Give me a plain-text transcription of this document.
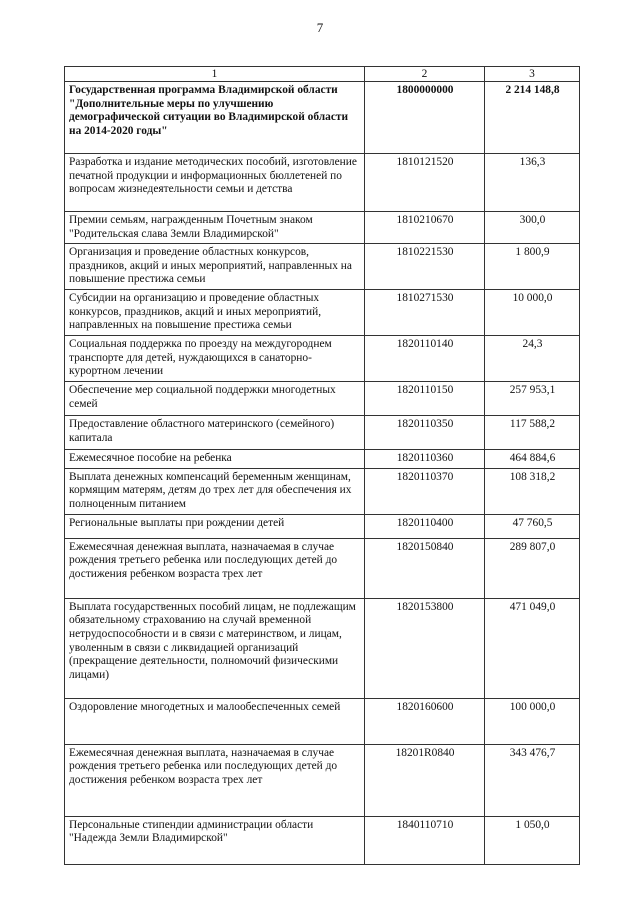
7
1	2	3
Государственная программа Владимирской области "Дополнительные меры по улучшению демографической ситуации во Владимирской области на 2014-2020 годы"	1800000000	2 214 148,8
Разработка и издание методических пособий, изготовление печатной продукции и информационных бюллетеней по вопросам жизнедеятельности семьи и детства	1810121520	136,3
Премии семьям, награжденным Почетным знаком "Родительская слава Земли Владимирской"	1810210670	300,0
Организация и проведение областных конкурсов, праздников, акций и иных мероприятий, направленных на повышение престижа семьи	1810221530	1 800,9
Субсидии на организацию и проведение областных конкурсов, праздников, акций и иных мероприятий, направленных на повышение престижа семьи	1810271530	10 000,0
Социальная поддержка по проезду на междугороднем транспорте для детей, нуждающихся в санаторно-курортном лечении	1820110140	24,3
Обеспечение мер социальной поддержки многодетных семей	1820110150	257 953,1
Предоставление областного материнского (семейного) капитала	1820110350	117 588,2
Ежемесячное пособие на ребенка	1820110360	464 884,6
Выплата денежных компенсаций беременным женщинам, кормящим матерям, детям до трех лет для обеспечения их полноценным питанием	1820110370	108 318,2
Региональные выплаты при рождении детей	1820110400	47 760,5
Ежемесячная денежная выплата, назначаемая в случае рождения третьего ребенка или последующих детей до достижения ребенком возраста трех лет	1820150840	289 807,0
Выплата государственных пособий лицам, не подлежащим обязательному страхованию на случай временной нетрудоспособности и в связи с материнством, и лицам, уволенным в связи с ликвидацией организаций (прекращение деятельности, полномочий физическими лицами)	1820153800	471 049,0
Оздоровление многодетных и малообеспеченных семей	1820160600	100 000,0
Ежемесячная денежная выплата, назначаемая в случае рождения третьего ребенка или последующих детей до достижения ребенком возраста трех лет	18201R0840	343 476,7
Персональные стипендии администрации области "Надежда Земли Владимирской"	1840110710	1 050,0
